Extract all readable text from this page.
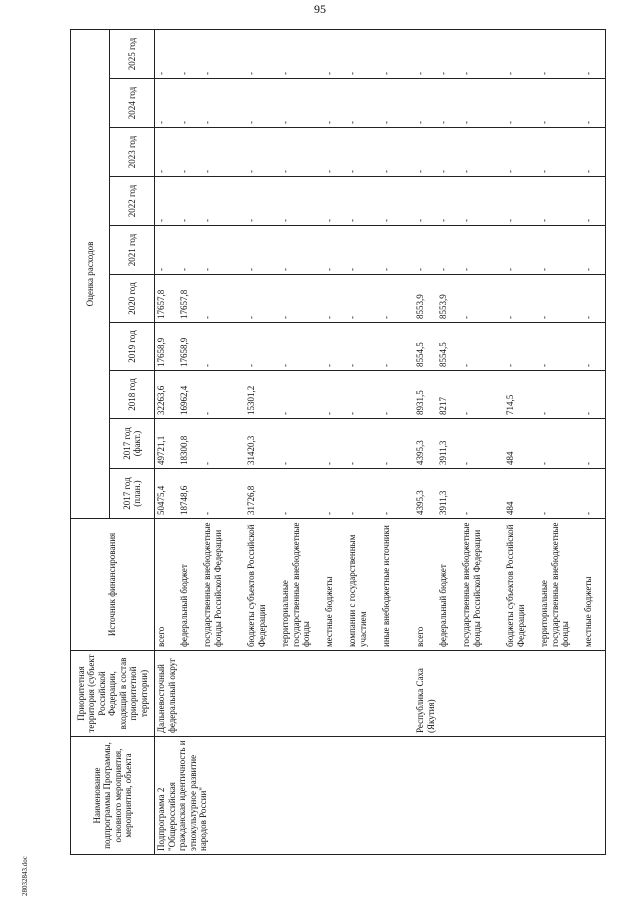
95
28032843.doc
Наименование подпрограммы Программы, основного мероприятия, мероприятия, объекта	Приоритетная территория (субъект Российской Федерации, входящий в состав приоритетной территории)	Источник финансирования	Оценка расходов									
			2017 год (план.)	2017 год (факт.)	2018 год	2019 год	2020 год	2021 год	2022 год	2023 год	2024 год	2025 год
Подпрограмма 2 "Общероссийская гражданская идентичность и этнокультурное развитие народов России"	Дальневосточный федеральный округ	всего	50475,4	49721,1	32263,6	17658,9	17657,8	-	-	-	-	-
		федеральный бюджет	18748,6	18300,8	16962,4	17658,9	17657,8	-	-	-	-	-
		государственные внебюджетные фонды Российской Федерации	-	-	-	-	-	-	-	-	-	-
		бюджеты субъектов Российской Федерации	31726,8	31420,3	15301,2	-	-	-	-	-	-	-
		территориальные государственные внебюджетные фонды	-	-	-	-	-	-	-	-	-	-
		местные бюджеты	-	-	-	-	-	-	-	-	-	-
		компании с государственным участием	-	-	-	-	-	-	-	-	-	-
		иные внебюджетные источники	-	-	-	-	-	-	-	-	-	-
	Республика Саха (Якутия)	всего	4395,3	4395,3	8931,5	8554,5	8553,9	-	-	-	-	-
		федеральный бюджет	3911,3	3911,3	8217	8554,5	8553,9	-	-	-	-	-
		государственные внебюджетные фонды Российской Федерации	-	-	-	-	-	-	-	-	-	-
		бюджеты субъектов Российской Федерации	484	484	714,5	-	-	-	-	-	-	-
		территориальные государственные внебюджетные фонды	-	-	-	-	-	-	-	-	-	-
		местные бюджеты	-	-	-	-	-	-	-	-	-	-
